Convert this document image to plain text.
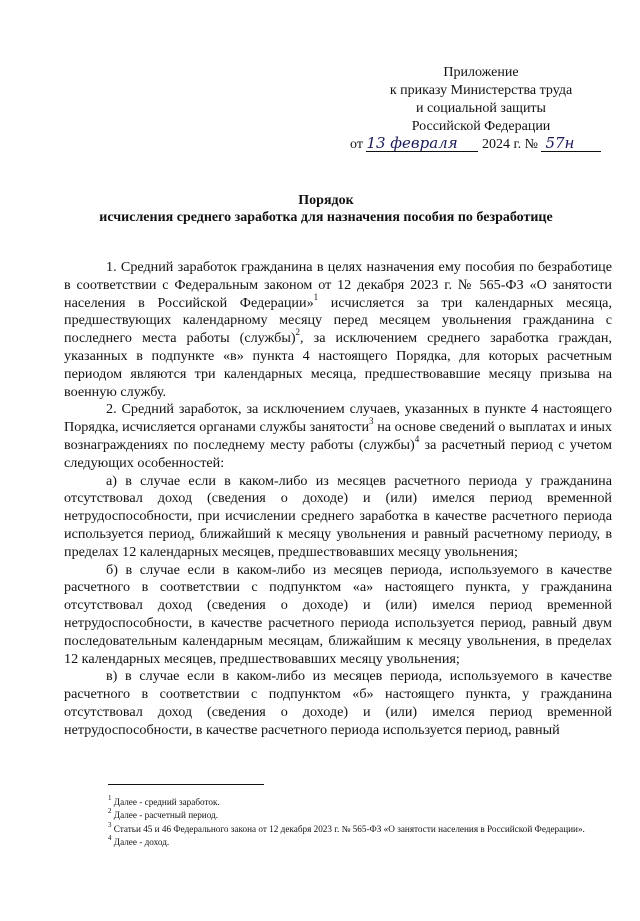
Приложение
к приказу Министерства труда
и социальной защиты
Российской Федерации
от 13 февраля 2024 г. № 57н
Порядок
исчисления среднего заработка для назначения пособия по безработице

1. Средний заработок гражданина в целях назначения ему пособия по безработице в соответствии с Федеральным законом от 12 декабря 2023 г. № 565-ФЗ «О занятости населения в Российской Федерации»$^1$ исчисляется за три календарных месяца, предшествующих календарному месяцу перед месяцем увольнения гражданина с последнего места работы (службы)$^2$, за исключением среднего заработка граждан, указанных в подпункте «в» пункта 4 настоящего Порядка, для которых расчетным периодом являются три календарных месяца, предшествовавшие месяцу призыва на военную службу.

2. Средний заработок, за исключением случаев, указанных в пункте 4 настоящего Порядка, исчисляется органами службы занятости$^3$ на основе сведений о выплатах и иных вознаграждениях по последнему месту работы (службы)$^4$ за расчетный период с учетом следующих особенностей:

а) в случае если в каком-либо из месяцев расчетного периода у гражданина отсутствовал доход (сведения о доходе) и (или) имелся период временной нетрудоспособности, при исчислении среднего заработка в качестве расчетного периода используется период, ближайший к месяцу увольнения и равный расчетному периоду, в пределах 12 календарных месяцев, предшествовавших месяцу увольнения;

б) в случае если в каком-либо из месяцев периода, используемого в качестве расчетного в соответствии с подпунктом «а» настоящего пункта, у гражданина отсутствовал доход (сведения о доходе) и (или) имелся период временной нетрудоспособности, в качестве расчетного периода используется период, равный двум последовательным календарным месяцам, ближайшим к месяцу увольнения, в пределах 12 календарных месяцев, предшествовавших месяцу увольнения;

в) в случае если в каком-либо из месяцев периода, используемого в качестве расчетного в соответствии с подпунктом «б» настоящего пункта, у гражданина отсутствовал доход (сведения о доходе) и (или) имелся период временной нетрудоспособности, в качестве расчетного периода используется период, равный

$^1$ Далее - средний заработок.

$^2$ Далее - расчетный период.

$^3$ Статьи 45 и 46 Федерального закона от 12 декабря 2023 г. № 565-ФЗ «О занятости населения в Российской Федерации».

$^4$ Далее - доход.
